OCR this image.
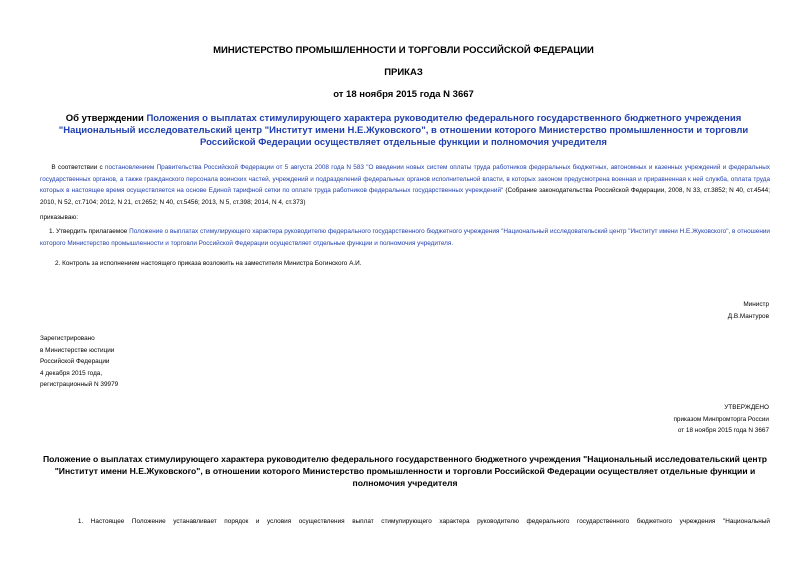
МИНИСТЕРСТВО ПРОМЫШЛЕННОСТИ И ТОРГОВЛИ РОССИЙСКОЙ ФЕДЕРАЦИИ
ПРИКАЗ
от 18 ноября 2015 года N 3667
Об утверждении Положения о выплатах стимулирующего характера руководителю федерального государственного бюджетного учреждения "Национальный исследовательский центр "Институт имени Н.Е.Жуковского", в отношении которого Министерство промышленности и торговли Российской Федерации осуществляет отдельные функции и полномочия учредителя
В соответствии с постановлением Правительства Российской Федерации от 5 августа 2008 года N 583 "О введении новых систем оплаты труда работников федеральных бюджетных, автономных и казенных учреждений и федеральных государственных органов, а также гражданского персонала воинских частей, учреждений и подразделений федеральных органов исполнительной власти, в которых законом предусмотрена военная и приравненная к ней служба, оплата труда которых в настоящее время осуществляется на основе Единой тарифной сетки по оплате труда работников федеральных государственных учреждений" (Собрание законодательства Российской Федерации, 2008, N 33, ст.3852; N 40, ст.4544; 2010, N 52, ст.7104; 2012, N 21, ст.2652; N 40, ст.5456; 2013, N 5, ст.398; 2014, N 4, ст.373)
приказываю:
1. Утвердить прилагаемое Положение о выплатах стимулирующего характера руководителю федерального государственного бюджетного учреждения "Национальный исследовательский центр "Институт имени Н.Е.Жуковского", в отношении которого Министерство промышленности и торговли Российской Федерации осуществляет отдельные функции и полномочия учредителя.
2. Контроль за исполнением настоящего приказа возложить на заместителя Министра Богинского А.И.
Министр
Д.В.Мантуров
Зарегистрировано
в Министерстве юстиции
Российской Федерации
4 декабря 2015 года,
регистрационный N 39979
УТВЕРЖДЕНО
приказом Минпромторга России
от 18 ноября 2015 года N 3667
Положение о выплатах стимулирующего характера руководителю федерального государственного бюджетного учреждения "Национальный исследовательский центр "Институт имени Н.Е.Жуковского", в отношении которого Министерство промышленности и торговли Российской Федерации осуществляет отдельные функции и полномочия учредителя
1. Настоящее Положение устанавливает порядок и условия осуществления выплат стимулирующего характера руководителю федерального государственного бюджетного учреждения "Национальный
